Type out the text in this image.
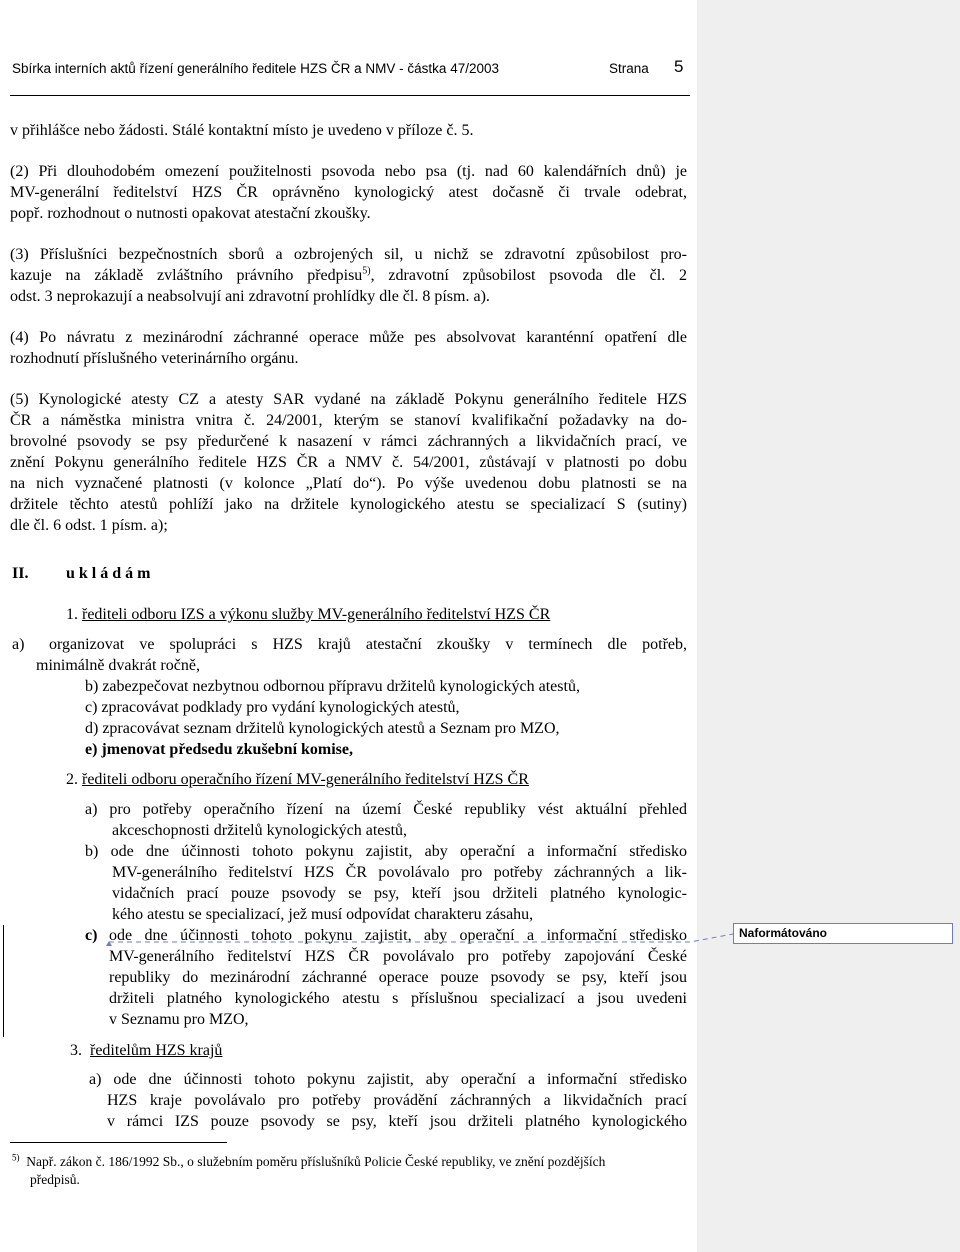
Sbírka interních aktů řízení generálního ředitele HZS ČR a NMV - částka 47/2003	Strana 5
v přihlášce nebo žádosti. Stálé kontaktní místo je uvedeno v příloze č. 5.
(2) Při dlouhodobém omezení použitelnosti psovoda nebo psa (tj. nad 60 kalendářních dnů) je
MV-generální ředitelství HZS ČR oprávněno kynologický atest dočasně či trvale odebrat,
popř. rozhodnout o nutnosti opakovat atestační zkoušky.
(3) Příslušníci bezpečnostních sborů a ozbrojených sil, u nichž se zdravotní způsobilost pro-
kazuje na základě zvláštního právního předpisu$^{5)}$, zdravotní způsobilost psovoda dle čl. 2
odst. 3 neprokazují a neabsolvují ani zdravotní prohlídky dle čl. 8 písm. a).
(4) Po návratu z mezinárodní záchranné operace může pes absolvovat karanténní opatření dle
rozhodnutí příslušného veterinárního orgánu.
(5) Kynologické atesty CZ a atesty SAR vydané na základě Pokynu generálního ředitele HZS
ČR a náměstka ministra vnitra č. 24/2001, kterým se stanoví kvalifikační požadavky na do-
brovolné psovody se psy předurčené k nasazení v rámci záchranných a likvidačních prací, ve
znění Pokynu generálního ředitele HZS ČR a NMV č. 54/2001, zůstávají v platnosti po dobu
na nich vyznačené platnosti (v kolonce „Platí do“). Po výše uvedenou dobu platnosti se na
držitele těchto atestů pohlíží jako na držitele kynologického atestu se specializací S (sutiny)
dle čl. 6 odst. 1 písm. a);
II. u k l á d á m
1. řediteli odboru IZS a výkonu služby MV-generálního ředitelství HZS ČR
a) organizovat ve spolupráci s HZS krajů atestační zkoušky v termínech dle potřeb,
minimálně dvakrát ročně,
b) zabezpečovat nezbytnou odbornou přípravu držitelů kynologických atestů,
c) zpracovávat podklady pro vydání kynologických atestů,
d) zpracovávat seznam držitelů kynologických atestů a Seznam pro MZO,
e) jmenovat předsedu zkušební komise,
2. řediteli odboru operačního řízení MV-generálního ředitelství HZS ČR
a) pro potřeby operačního řízení na území České republiky vést aktuální přehled
akceschopnosti držitelů kynologických atestů,
b) ode dne účinnosti tohoto pokynu zajistit, aby operační a informační středisko
MV-generálního ředitelství HZS ČR povolávalo pro potřeby záchranných a lik-
vidačních prací pouze psovody se psy, kteří jsou držiteli platného kynologic-
kého atestu se specializací, jež musí odpovídat charakteru zásahu,
c) ode dne účinnosti tohoto pokynu zajistit, aby operační a informační středisko
MV-generálního ředitelství HZS ČR povolávalo pro potřeby zapojování České
republiky do mezinárodní záchranné operace pouze psovody se psy, kteří jsou
držiteli platného kynologického atestu s příslušnou specializací a jsou uvedeni
v Seznamu pro MZO,
Naformátováno
3. ředitelům HZS krajů
a) ode dne účinnosti tohoto pokynu zajistit, aby operační a informační středisko
HZS kraje povolávalo pro potřeby provádění záchranných a likvidačních prací
v rámci IZS pouze psovody se psy, kteří jsou držiteli platného kynologického
$^{5)}$ Např. zákon č. 186/1992 Sb., o služebním poměru příslušníků Policie České republiky, ve znění pozdějších
předpisů.
